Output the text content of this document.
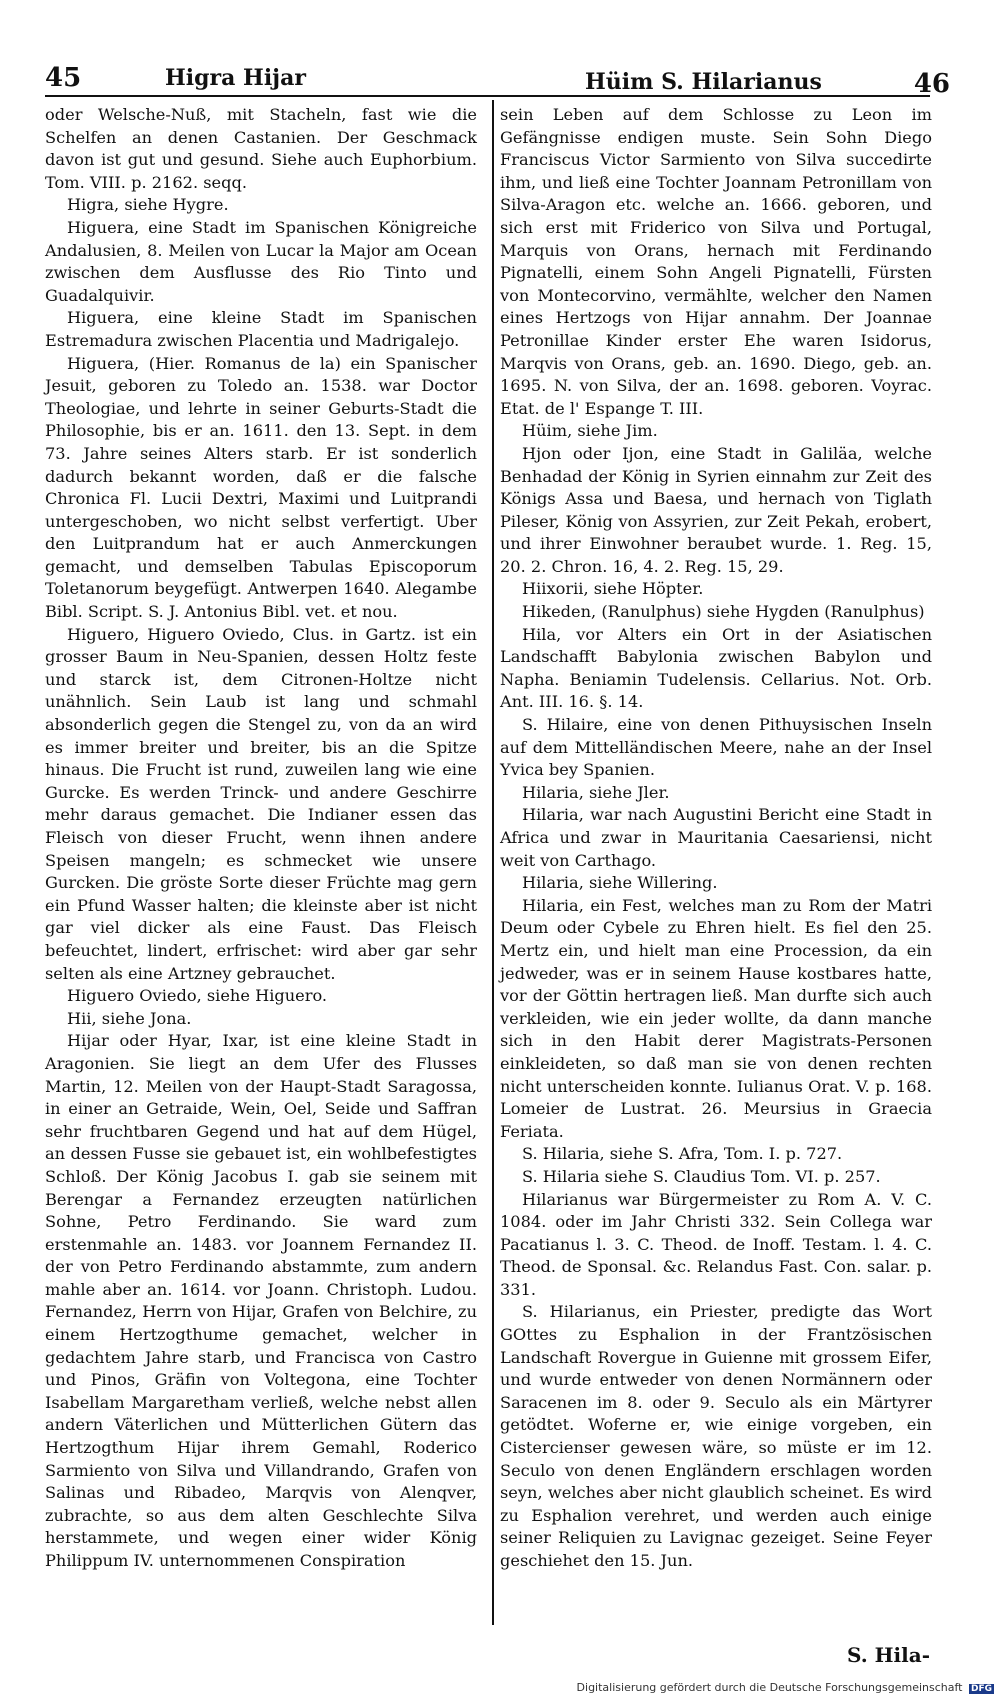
45	Higra Hijar	Hüim S. Hilarianus	46

oder Welsche-Nuß, mit Stacheln, fast wie die Schelfen an denen Castanien. Der Geschmack davon ist gut und gesund. Siehe auch Euphorbium. Tom. VIII. p. 2162. seqq.

Higra, siehe Hygre.

Higuera, eine Stadt im Spanischen Königreiche Andalusien, 8. Meilen von Lucar la Major am Ocean zwischen dem Ausflusse des Rio Tinto und Guadalquivir.

Higuera, eine kleine Stadt im Spanischen Estremadura zwischen Placentia und Madrigalejo.

Higuera, (Hier. Romanus de la) ein Spanischer Jesuit, geboren zu Toledo an. 1538. war Doctor Theologiae, und lehrte in seiner Geburts-Stadt die Philosophie, bis er an. 1611. den 13. Sept. in dem 73. Jahre seines Alters starb. Er ist sonderlich dadurch bekannt worden, daß er die falsche Chronica Fl. Lucii Dextri, Maximi und Luitprandi untergeschoben, wo nicht selbst verfertigt. Uber den Luitprandum hat er auch Anmerckungen gemacht, und demselben Tabulas Episcoporum Toletanorum beygefügt. Antwerpen 1640. Alegambe Bibl. Script. S. J. Antonius Bibl. vet. et nou.

Higuero, Higuero Oviedo, Clus. in Gartz. ist ein grosser Baum in Neu-Spanien, dessen Holtz feste und starck ist, dem Citronen-Holtze nicht unähnlich. Sein Laub ist lang und schmahl absonderlich gegen die Stengel zu, von da an wird es immer breiter und breiter, bis an die Spitze hinaus. Die Frucht ist rund, zuweilen lang wie eine Gurcke. Es werden Trinck- und andere Geschirre mehr daraus gemachet. Die Indianer essen das Fleisch von dieser Frucht, wenn ihnen andere Speisen mangeln; es schmecket wie unsere Gurcken. Die gröste Sorte dieser Früchte mag gern ein Pfund Wasser halten; die kleinste aber ist nicht gar viel dicker als eine Faust. Das Fleisch befeuchtet, lindert, erfrischet: wird aber gar sehr selten als eine Artzney gebrauchet.

Higuero Oviedo, siehe Higuero.

Hii, siehe Jona.

Hijar oder Hyar, Ixar, ist eine kleine Stadt in Aragonien. Sie liegt an dem Ufer des Flusses Martin, 12. Meilen von der Haupt-Stadt Saragossa, in einer an Getraide, Wein, Oel, Seide und Saffran sehr fruchtbaren Gegend und hat auf dem Hügel, an dessen Fusse sie gebauet ist, ein wohlbefestigtes Schloß. Der König Jacobus I. gab sie seinem mit Berengar a Fernandez erzeugten natürlichen Sohne, Petro Ferdinando. Sie ward zum erstenmahle an. 1483. vor Joannem Fernandez II. der von Petro Ferdinando abstammte, zum andern mahle aber an. 1614. vor Joann. Christoph. Ludou. Fernandez, Herrn von Hijar, Grafen von Belchire, zu einem Hertzogthume gemachet, welcher in gedachtem Jahre starb, und Francisca von Castro und Pinos, Gräfin von Voltegona, eine Tochter Isabellam Margaretham verließ, welche nebst allen andern Väterlichen und Mütterlichen Gütern das Hertzogthum Hijar ihrem Gemahl, Roderico Sarmiento von Silva und Villandrando, Grafen von Salinas und Ribadeo, Marqvis von Alenqver, zubrachte, so aus dem alten Geschlechte Silva herstammete, und wegen einer wider König Philippum IV. unternommenen Conspiration

sein Leben auf dem Schlosse zu Leon im Gefängnisse endigen muste. Sein Sohn Diego Franciscus Victor Sarmiento von Silva succedirte ihm, und ließ eine Tochter Joannam Petronillam von Silva-Aragon etc. welche an. 1666. geboren, und sich erst mit Friderico von Silva und Portugal, Marquis von Orans, hernach mit Ferdinando Pignatelli, einem Sohn Angeli Pignatelli, Fürsten von Montecorvino, vermählte, welcher den Namen eines Hertzogs von Hijar annahm. Der Joannae Petronillae Kinder erster Ehe waren Isidorus, Marqvis von Orans, geb. an. 1690. Diego, geb. an. 1695. N. von Silva, der an. 1698. geboren. Voyrac. Etat. de l' Espange T. III.

Hüim, siehe Jim.

Hjon oder Ijon, eine Stadt in Galiläa, welche Benhadad der König in Syrien einnahm zur Zeit des Königs Assa und Baesa, und hernach von Tiglath Pileser, König von Assyrien, zur Zeit Pekah, erobert, und ihrer Einwohner beraubet wurde. 1. Reg. 15, 20. 2. Chron. 16, 4. 2. Reg. 15, 29.

Hiixorii, siehe Höpter.

Hikeden, (Ranulphus) siehe Hygden (Ranulphus)

Hila, vor Alters ein Ort in der Asiatischen Landschafft Babylonia zwischen Babylon und Napha. Beniamin Tudelensis. Cellarius. Not. Orb. Ant. III. 16. §. 14.

S. Hilaire, eine von denen Pithuysischen Inseln auf dem Mittelländischen Meere, nahe an der Insel Yvica bey Spanien.

Hilaria, siehe Jler.

Hilaria, war nach Augustini Bericht eine Stadt in Africa und zwar in Mauritania Caesariensi, nicht weit von Carthago.

Hilaria, siehe Willering.

Hilaria, ein Fest, welches man zu Rom der Matri Deum oder Cybele zu Ehren hielt. Es fiel den 25. Mertz ein, und hielt man eine Procession, da ein jedweder, was er in seinem Hause kostbares hatte, vor der Göttin hertragen ließ. Man durfte sich auch verkleiden, wie ein jeder wollte, da dann manche sich in den Habit derer Magistrats-Personen einkleideten, so daß man sie von denen rechten nicht unterscheiden konnte. Iulianus Orat. V. p. 168. Lomeier de Lustrat. 26. Meursius in Graecia Feriata.

S. Hilaria, siehe S. Afra, Tom. I. p. 727.

S. Hilaria siehe S. Claudius Tom. VI. p. 257.

Hilarianus war Bürgermeister zu Rom A. V. C. 1084. oder im Jahr Christi 332. Sein Collega war Pacatianus l. 3. C. Theod. de Inoff. Testam. l. 4. C. Theod. de Sponsal. &c. Relandus Fast. Con. salar. p. 331.

S. Hilarianus, ein Priester, predigte das Wort GOttes zu Esphalion in der Frantzösischen Landschaft Rovergue in Guienne mit grossem Eifer, und wurde entweder von denen Normännern oder Saracenen im 8. oder 9. Seculo als ein Märtyrer getödtet. Woferne er, wie einige vorgeben, ein Cistercienser gewesen wäre, so müste er im 12. Seculo von denen Engländern erschlagen worden seyn, welches aber nicht glaublich scheinet. Es wird zu Esphalion verehret, und werden auch einige seiner Reliquien zu Lavignac gezeiget. Seine Feyer geschiehet den 15. Jun.

S. Hila-
Digitalisierung gefördert durch die Deutsche Forschungsgemeinschaft DFG
